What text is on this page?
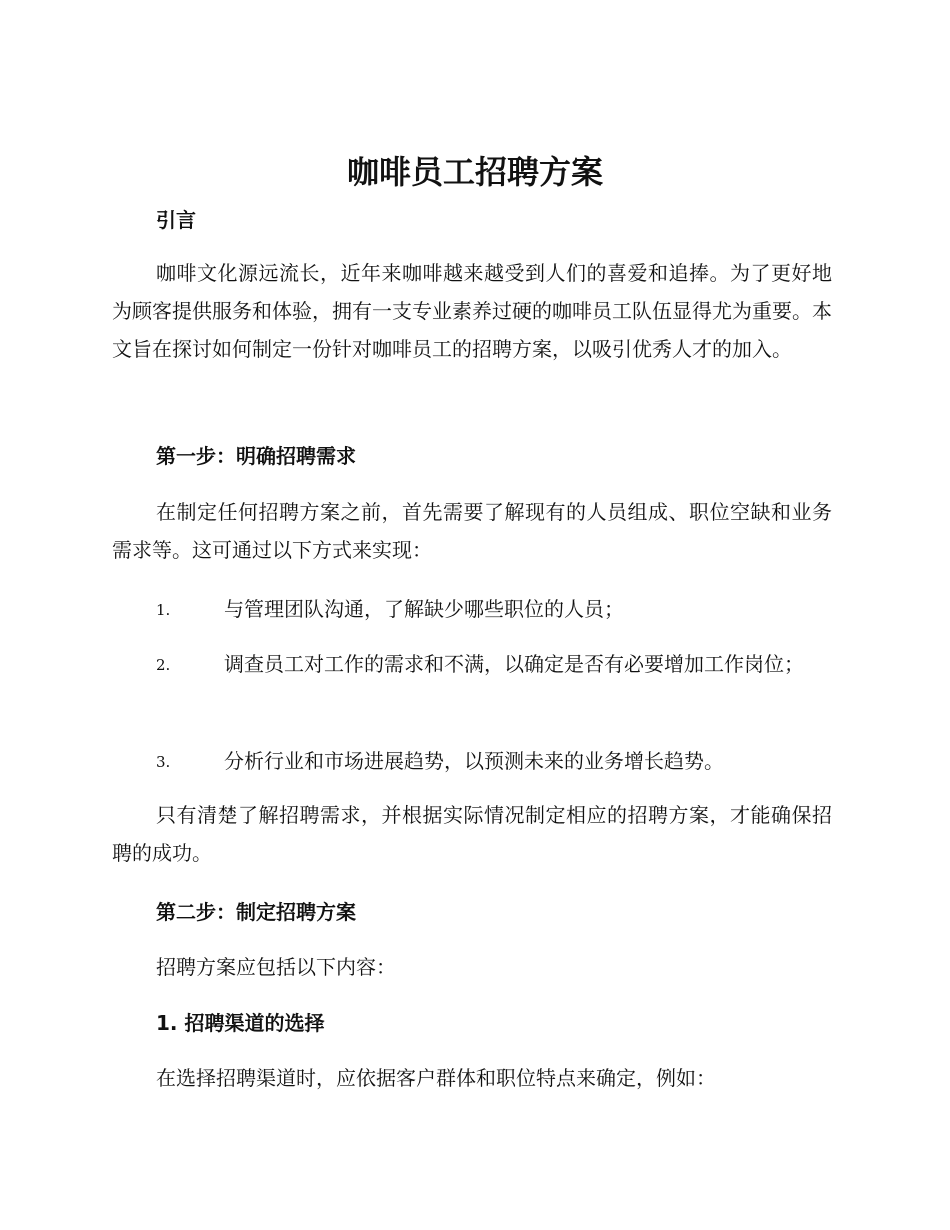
咖啡员工招聘方案
引言

咖啡文化源远流长，近年来咖啡越来越受到人们的喜爱和追捧。为了更好地为顾客提供服务和体验，拥有一支专业素养过硬的咖啡员工队伍显得尤为重要。本文旨在探讨如何制定一份针对咖啡员工的招聘方案，以吸引优秀人才的加入。

第一步：明确招聘需求

在制定任何招聘方案之前，首先需要了解现有的人员组成、职位空缺和业务需求等。这可通过以下方式来实现：

1.	与管理团队沟通，了解缺少哪些职位的人员；

2.	调查员工对工作的需求和不满，以确定是否有必要增加工作岗位；

3.	分析行业和市场进展趋势，以预测未来的业务增长趋势。

只有清楚了解招聘需求，并根据实际情况制定相应的招聘方案，才能确保招聘的成功。

第二步：制定招聘方案

招聘方案应包括以下内容：

1. 招聘渠道的选择

在选择招聘渠道时，应依据客户群体和职位特点来确定，例如：
